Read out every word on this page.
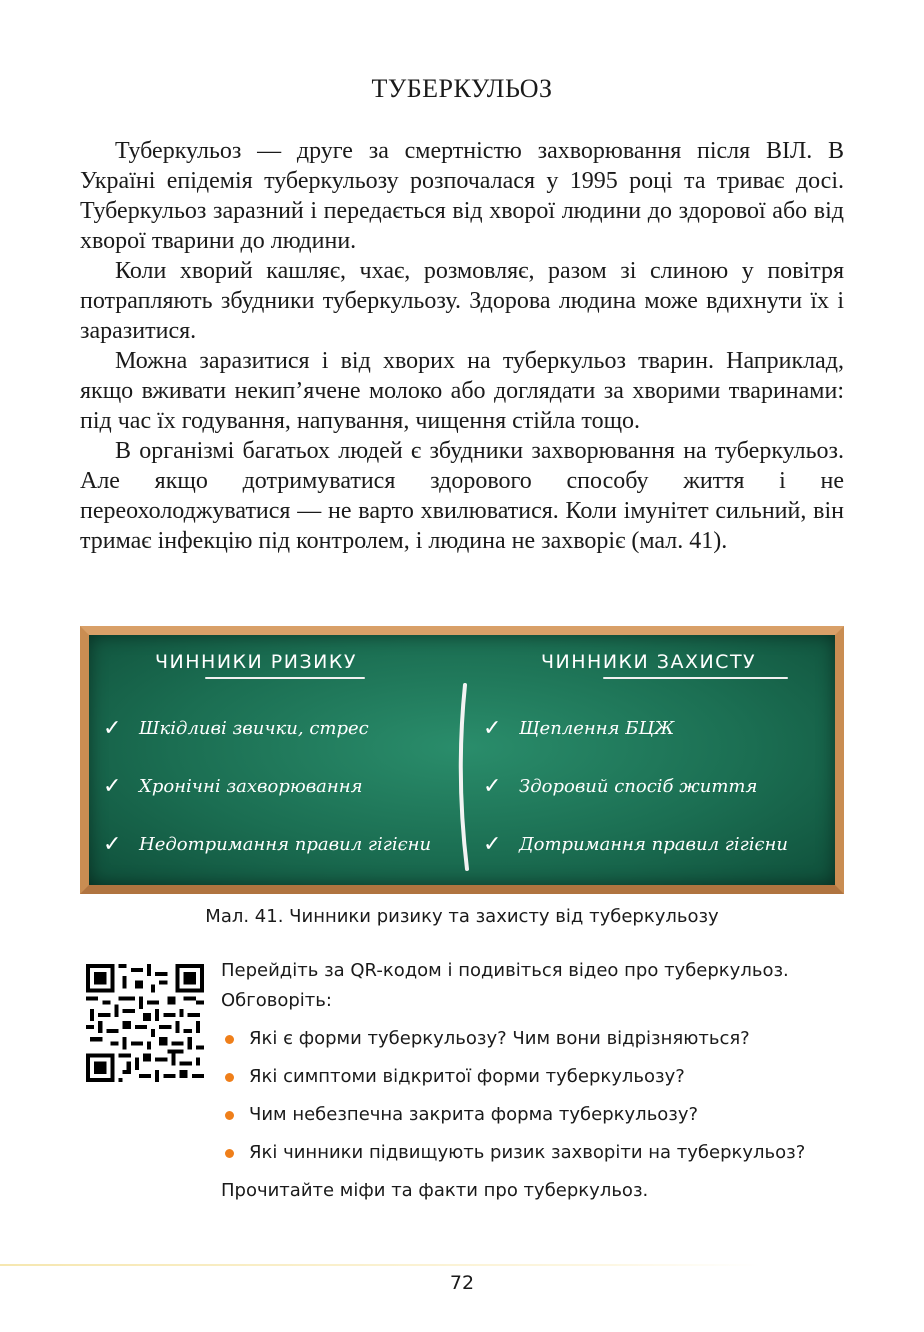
ТУБЕРКУЛЬОЗ

Туберкульоз — друге за смертністю захворювання після ВІЛ. В Україні епідемія туберкульозу розпочалася у 1995 році та триває досі. Туберкульоз заразний і передається від хворої людини до здорової або від хворої тварини до людини.

Коли хворий кашляє, чхає, розмовляє, разом зі слиною у повітря потрапляють збудники туберкульозу. Здорова людина може вдихнути їх і заразитися.

Можна заразитися і від хворих на туберкульоз тварин. Наприклад, якщо вживати некип’ячене молоко або доглядати за хворими тваринами: під час їх годування, напування, чищення стійла тощо.

В організмі багатьох людей є збудники захворювання на туберкульоз. Але якщо дотримуватися здорового способу життя і не переохолоджуватися — не варто хвилюватися. Коли імунітет сильний, він тримає інфекцію під контролем, і людина не захворіє (мал. 41).

ЧИННИКИ РИЗИКУ	ЧИННИКИ ЗАХИСТУ
✓ Шкідливі звички, стрес
✓ Хронічні захворювання
✓ Недотримання правил гігієни
✓ Щеплення БЦЖ
✓ Здоровий спосіб життя
✓ Дотримання правил гігієни
Мал. 41. Чинники ризику та захисту від туберкульозу

Перейдіть за QR-кодом і подивіться відео про туберкульоз.

Обговоріть:

Які є форми туберкульозу? Чим вони відрізняються?
Які симптоми відкритої форми туберкульозу?
Чим небезпечна закрита форма туберкульозу?
Які чинники підвищують ризик захворіти на туберкульоз?

Прочитайте міфи та факти про туберкульоз.

72
